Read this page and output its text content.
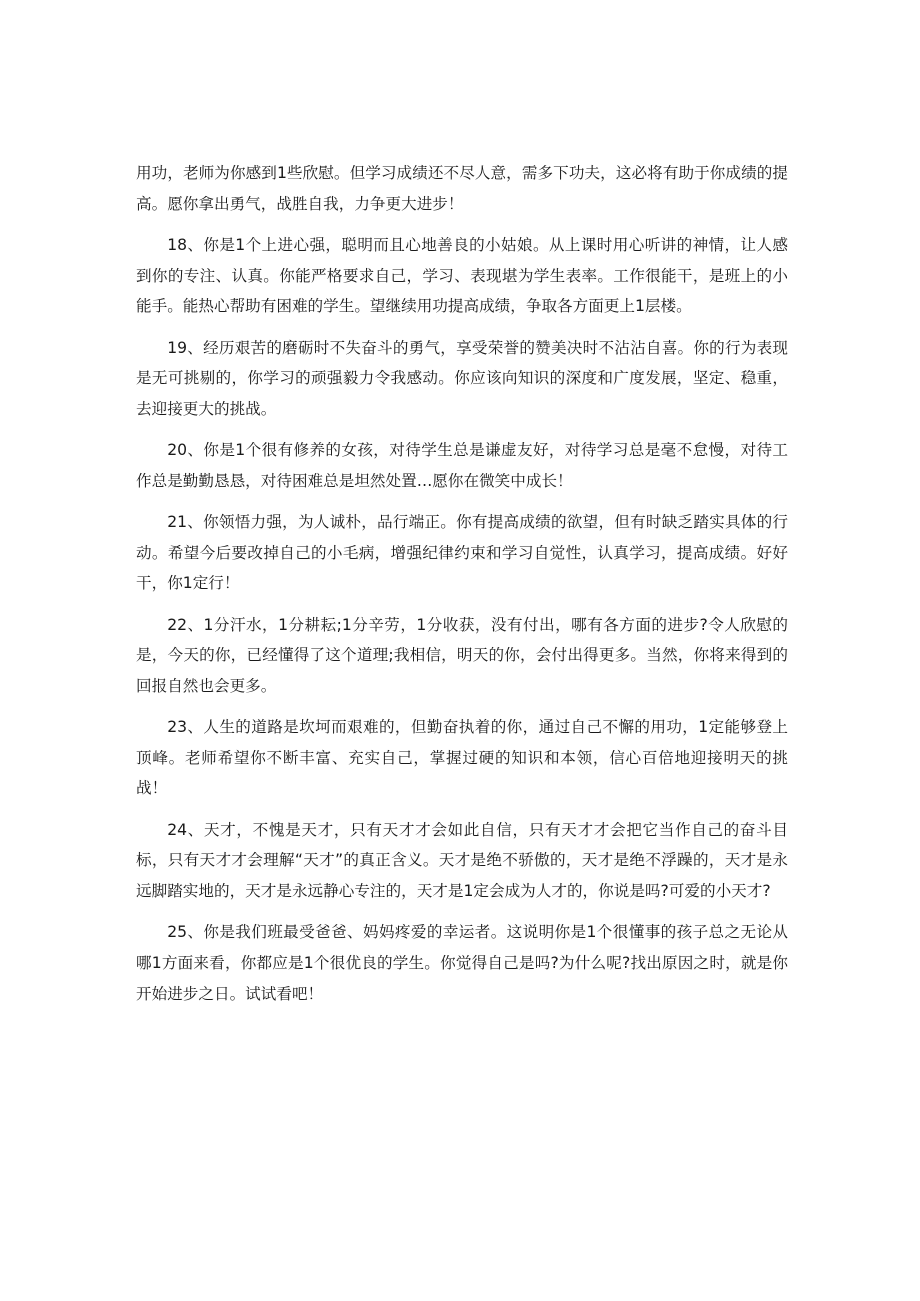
用功，老师为你感到1些欣慰。但学习成绩还不尽人意，需多下功夫，这必将有助于你成绩的提高。愿你拿出勇气，战胜自我，力争更大进步！

18、你是1个上进心强，聪明而且心地善良的小姑娘。从上课时用心听讲的神情，让人感到你的专注、认真。你能严格要求自己，学习、表现堪为学生表率。工作很能干，是班上的小能手。能热心帮助有困难的学生。望继续用功提高成绩，争取各方面更上1层楼。

19、经历艰苦的磨砺时不失奋斗的勇气，享受荣誉的赞美决时不沾沾自喜。你的行为表现是无可挑剔的，你学习的顽强毅力令我感动。你应该向知识的深度和广度发展，坚定、稳重，去迎接更大的挑战。

20、你是1个很有修养的女孩，对待学生总是谦虚友好，对待学习总是毫不怠慢，对待工作总是勤勤恳恳，对待困难总是坦然处置…愿你在微笑中成长！

21、你领悟力强，为人诚朴，品行端正。你有提高成绩的欲望，但有时缺乏踏实具体的行动。希望今后要改掉自己的小毛病，增强纪律约束和学习自觉性，认真学习，提高成绩。好好干，你1定行！

22、1分汗水，1分耕耘;1分辛劳，1分收获，没有付出，哪有各方面的进步?令人欣慰的是，今天的你，已经懂得了这个道理;我相信，明天的你，会付出得更多。当然，你将来得到的回报自然也会更多。

23、人生的道路是坎坷而艰难的，但勤奋执着的你，通过自己不懈的用功，1定能够登上顶峰。老师希望你不断丰富、充实自己，掌握过硬的知识和本领，信心百倍地迎接明天的挑战！

24、天才，不愧是天才，只有天才才会如此自信，只有天才才会把它当作自己的奋斗目标，只有天才才会理解“天才”的真正含义。天才是绝不骄傲的，天才是绝不浮躁的，天才是永远脚踏实地的，天才是永远静心专注的，天才是1定会成为人才的，你说是吗?可爱的小天才?

25、你是我们班最受爸爸、妈妈疼爱的幸运者。这说明你是1个很懂事的孩子总之无论从哪1方面来看，你都应是1个很优良的学生。你觉得自己是吗?为什么呢?找出原因之时，就是你开始进步之日。试试看吧！
